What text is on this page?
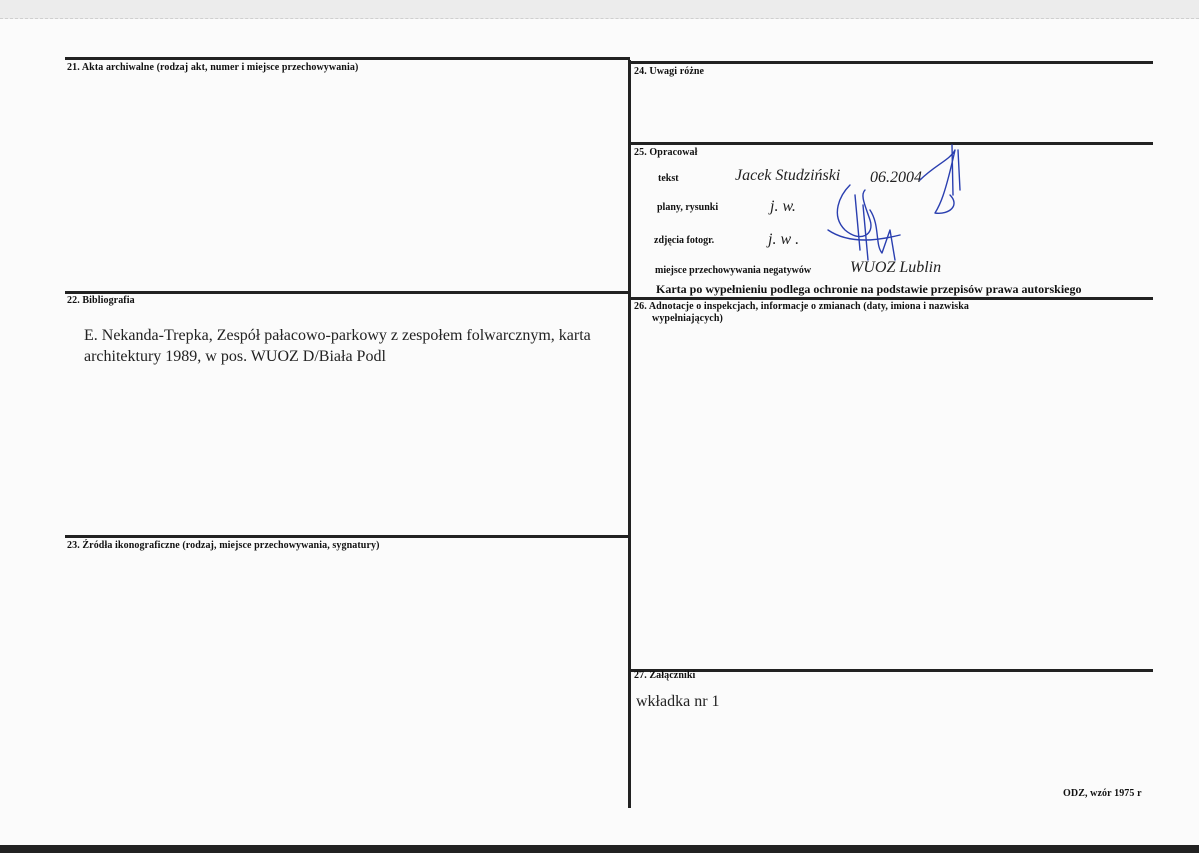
21. Akta archiwalne (rodzaj akt, numer i miejsce przechowywania)
22. Bibliografia
E. Nekanda-Trepka, Zespół pałacowo-parkowy z zespołem folwarcznym, karta architektury 1989, w pos. WUOZ D/Biała Podl
23. Źródła ikonograficzne (rodzaj, miejsce przechowywania, sygnatury)
24. Uwagi różne
25. Opracował
tekst	Jacek Studziński 06.2004
plany, rysunki	j. w.
zdjęcia fotogr.	j. w .
miejsce przechowywania negatywów WUOZ Lublin
Karta po wypełnieniu podlega ochronie na podstawie przepisów prawa autorskiego
26. Adnotacje o inspekcjach, informacje o zmianach (daty, imiona i nazwiska
wypełniających)
27. Załączniki
wkładka nr 1
ODZ, wzór 1975 r
